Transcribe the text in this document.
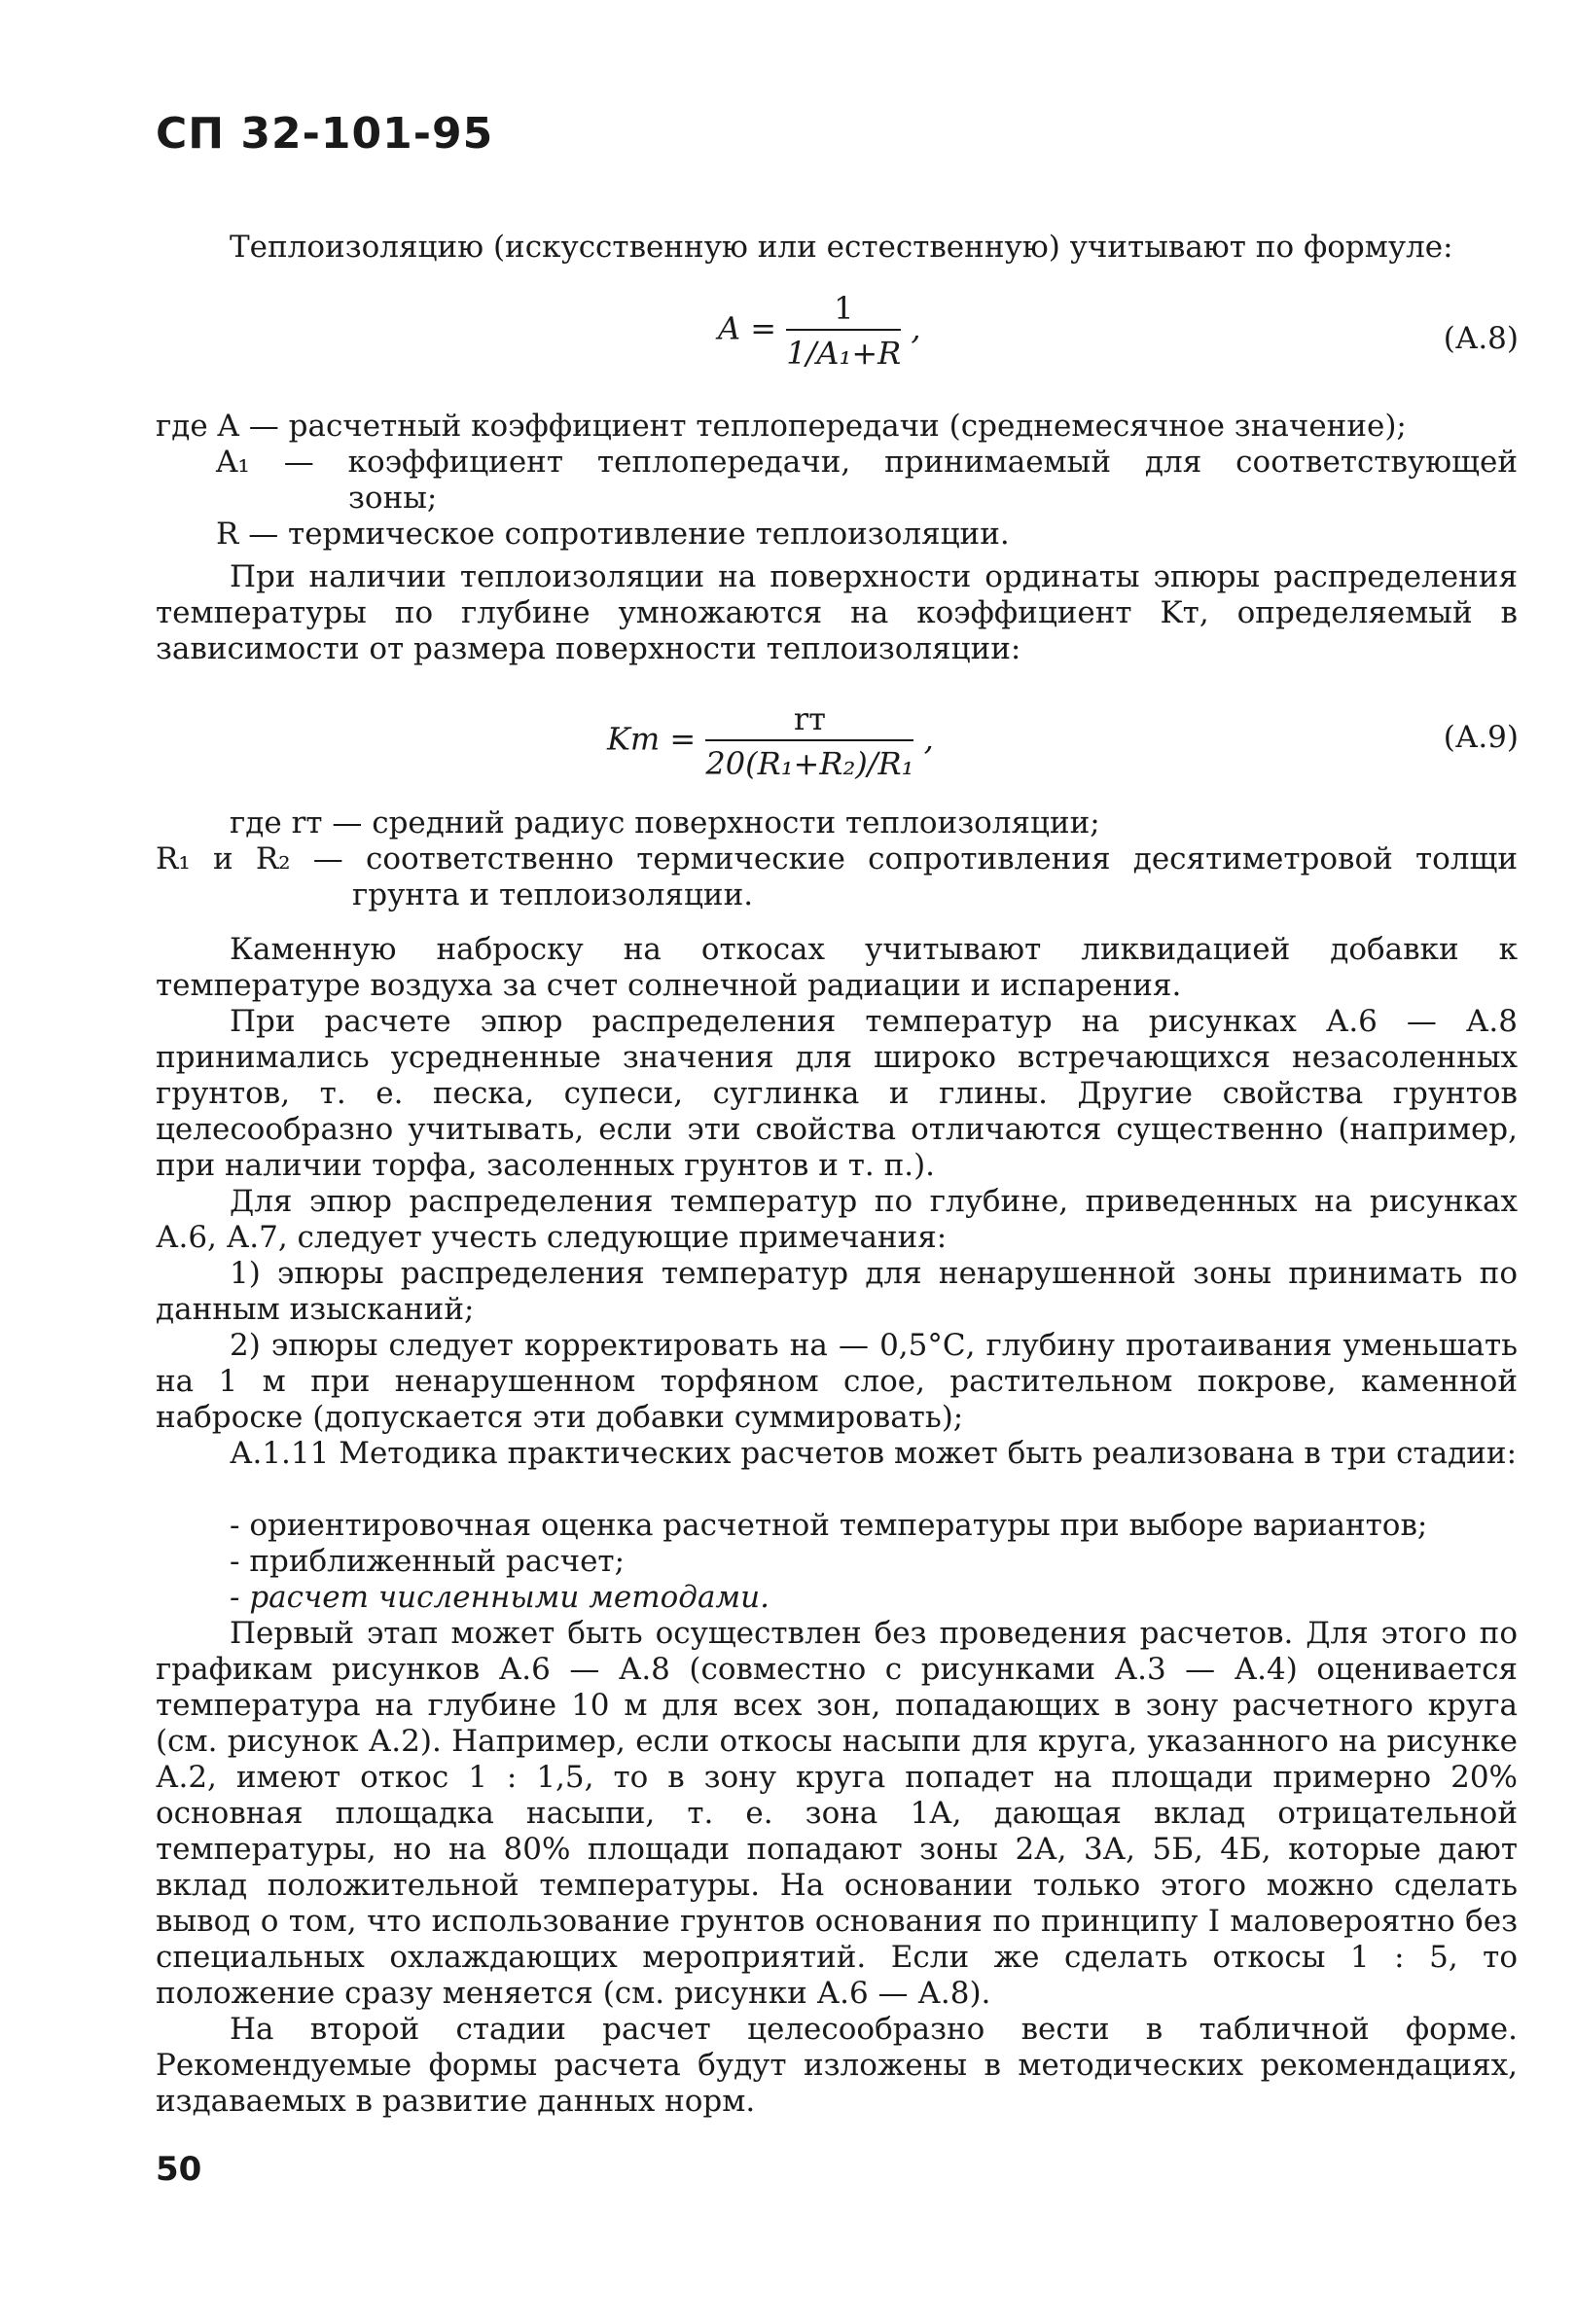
СП 32-101-95
Теплоизоляцию (искусственную или естественную) учитывают по формуле:
$A = \frac{1}{\text{1/A₁+R}}$ ,	(А.8)
где A — расчетный коэффициент теплопередачи (среднемесячное значение);
A₁ — коэффициент теплопередачи, принимаемый для соответствующей
зоны;
R — термическое сопротивление теплоизоляции.
При наличии теплоизоляции на поверхности ординаты эпюры распределения температуры по глубине умножаются на коэффициент Kт, определяемый в зависимости от размера поверхности теплоизоляции:
Kт = $\frac{rт}{\text{20(R₁+R₂)/R₁}}$ ,	(А.9)
где rт — средний радиус поверхности теплоизоляции;
R₁ и R₂ — соответственно термические сопротивления десятиметровой толщи
грунта и теплоизоляции.
Каменную наброску на откосах учитывают ликвидацией добавки к температуре воздуха за счет солнечной радиации и испарения.
При расчете эпюр распределения температур на рисунках А.6 — А.8 принимались усредненные значения для широко встречающихся незасоленных грунтов, т. е. песка, супеси, суглинка и глины. Другие свойства грунтов целесообразно учитывать, если эти свойства отличаются существенно (например, при наличии торфа, засоленных грунтов и т. п.).
Для эпюр распределения температур по глубине, приведенных на рисунках А.6, А.7, следует учесть следующие примечания:
1) эпюры распределения температур для ненарушенной зоны принимать по данным изысканий;
2) эпюры следует корректировать на — 0,5°С, глубину протаивания уменьшать на 1 м при ненарушенном торфяном слое, растительном покрове, каменной наброске (допускается эти добавки суммировать);
А.1.11 Методика практических расчетов может быть реализована в три стадии:
- ориентировочная оценка расчетной температуры при выборе вариантов;
- приближенный расчет;
- расчет численными методами.
Первый этап может быть осуществлен без проведения расчетов. Для этого по графикам рисунков А.6 — А.8 (совместно с рисунками А.3 — А.4) оценивается температура на глубине 10 м для всех зон, попадающих в зону расчетного круга (см. рисунок А.2). Например, если откосы насыпи для круга, указанного на рисунке А.2, имеют откос 1 : 1,5, то в зону круга попадет на площади примерно 20% основная площадка насыпи, т. е. зона 1А, дающая вклад отрицательной температуры, но на 80% площади попадают зоны 2А, 3А, 5Б, 4Б, которые дают вклад положительной температуры. На основании только этого можно сделать вывод о том, что использование грунтов основания по принципу I маловероятно без специальных охлаждающих мероприятий. Если же сделать откосы 1 : 5, то положение сразу меняется (см. рисунки А.6 — А.8).
На второй стадии расчет целесообразно вести в табличной форме. Рекомендуемые формы расчета будут изложены в методических рекомендациях, издаваемых в развитие данных норм.
50
